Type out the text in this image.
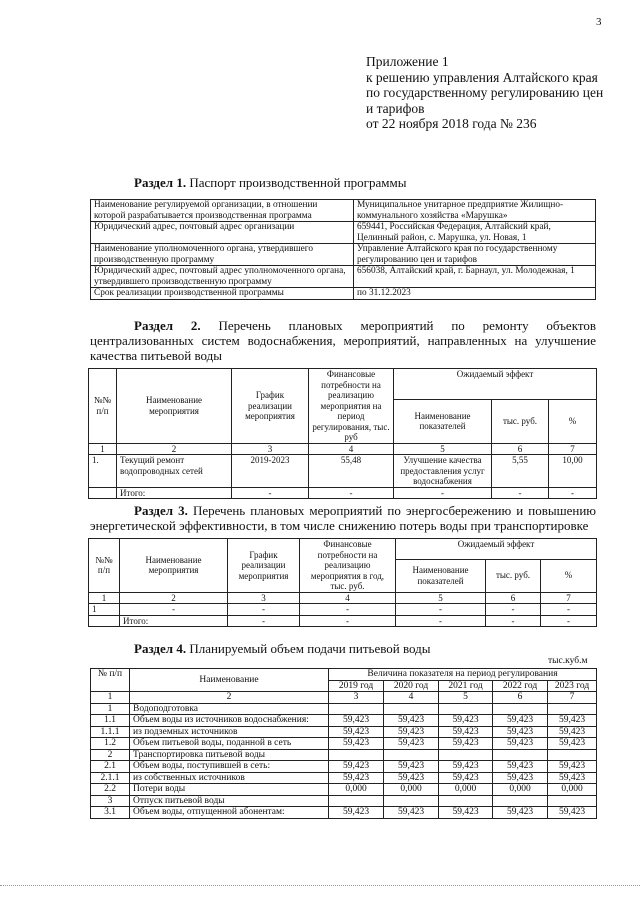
3
Приложение 1
к решению управления Алтайского края
по государственному регулированию цен
и тарифов
от 22 ноября 2018 года № 236
Раздел 1. Паспорт производственной программы
Наименование регулируемой организации, в отношении которой разрабатывается производственная программа	Муниципальное унитарное предприятие Жилищно-коммунального хозяйства «Марушка»
Юридический адрес, почтовый адрес организации	659441, Российская Федерация, Алтайский край, Целинный район, с. Марушка, ул. Новая, 1
Наименование уполномоченного органа, утвердившего производственную программу	Управление Алтайского края по государственному регулированию цен и тарифов
Юридический адрес, почтовый адрес уполномоченного органа, утвердившего производственную программу	656038, Алтайский край, г. Барнаул, ул. Молодежная, 1
Срок реализации производственной программы	по 31.12.2023
Раздел 2. Перечень плановых мероприятий по ремонту объектов централизованных систем водоснабжения, мероприятий, направленных на улучшение качества питьевой воды
№№ п/п	Наименование мероприятия	График реализации мероприятия	Финансовые потребности на реализацию мероприятия на период регулирования, тыс. руб	Ожидаемый эффект		
				Наименование показателей	тыс. руб.	%
1	2	3	4	5	6	7
1.	Текущий ремонт водопроводных сетей	2019-2023	55,48	Улучшение качества предоставления услуг водоснабжения	5,55	10,00
	Итого:	-	-	-	-	-
Раздел 3. Перечень плановых мероприятий по энергосбережению и повышению энергетической эффективности, в том числе снижению потерь воды при транспортировке
№№ п/п	Наименование мероприятия	График реализации мероприятия	Финансовые потребности на реализацию мероприятия в год, тыс. руб.	Ожидаемый эффект		
				Наименование показателей	тыс. руб.	%
1	2	3	4	5	6	7
1	-	-	-	-	-	-
	Итого:	-	-	-	-	-
Раздел 4. Планируемый объем подачи питьевой воды
тыс.куб.м
№ п/п	Наименование	Величина показателя на период регулирования				
		2019 год	2020 год	2021 год	2022 год	2023 год
1	2	3	4	5	6	7
1	Водоподготовка					
1.1	Объем воды из источников водоснабжения:	59,423	59,423	59,423	59,423	59,423
1.1.1	из подземных источников	59,423	59,423	59,423	59,423	59,423
1.2	Объем питьевой воды, поданной в сеть	59,423	59,423	59,423	59,423	59,423
2	Транспортировка питьевой воды					
2.1	Объем воды, поступившей в сеть:	59,423	59,423	59,423	59,423	59,423
2.1.1	из собственных источников	59,423	59,423	59,423	59,423	59,423
2.2	Потери воды	0,000	0,000	0,000	0,000	0,000
3	Отпуск питьевой воды					
3.1	Объем воды, отпущенной абонентам:	59,423	59,423	59,423	59,423	59,423
